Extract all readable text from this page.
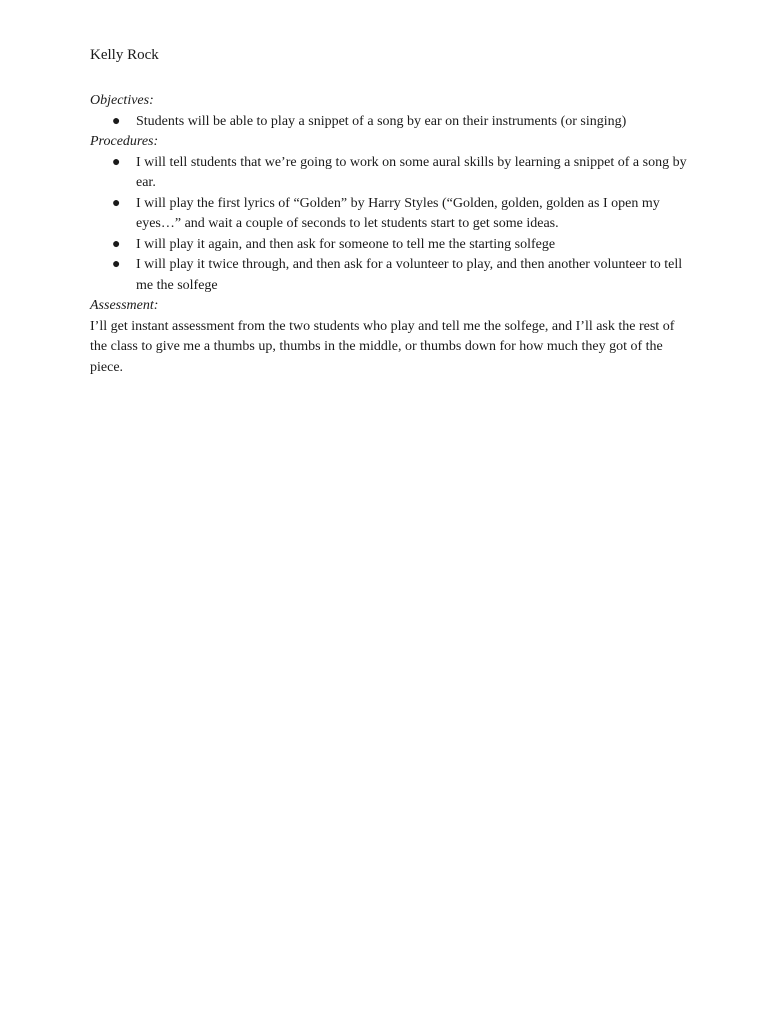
Kelly Rock

Objectives:

● Students will be able to play a snippet of a song by ear on their instruments (or singing)

Procedures:

● I will tell students that we’re going to work on some aural skills by learning a snippet of a song by ear.
● I will play the first lyrics of “Golden” by Harry Styles (“Golden, golden, golden as I open my eyes…” and wait a couple of seconds to let students start to get some ideas.
● I will play it again, and then ask for someone to tell me the starting solfege
● I will play it twice through, and then ask for a volunteer to play, and then another volunteer to tell me the solfege

Assessment:

I’ll get instant assessment from the two students who play and tell me the solfege, and I’ll ask the rest of the class to give me a thumbs up, thumbs in the middle, or thumbs down for how much they got of the piece.
